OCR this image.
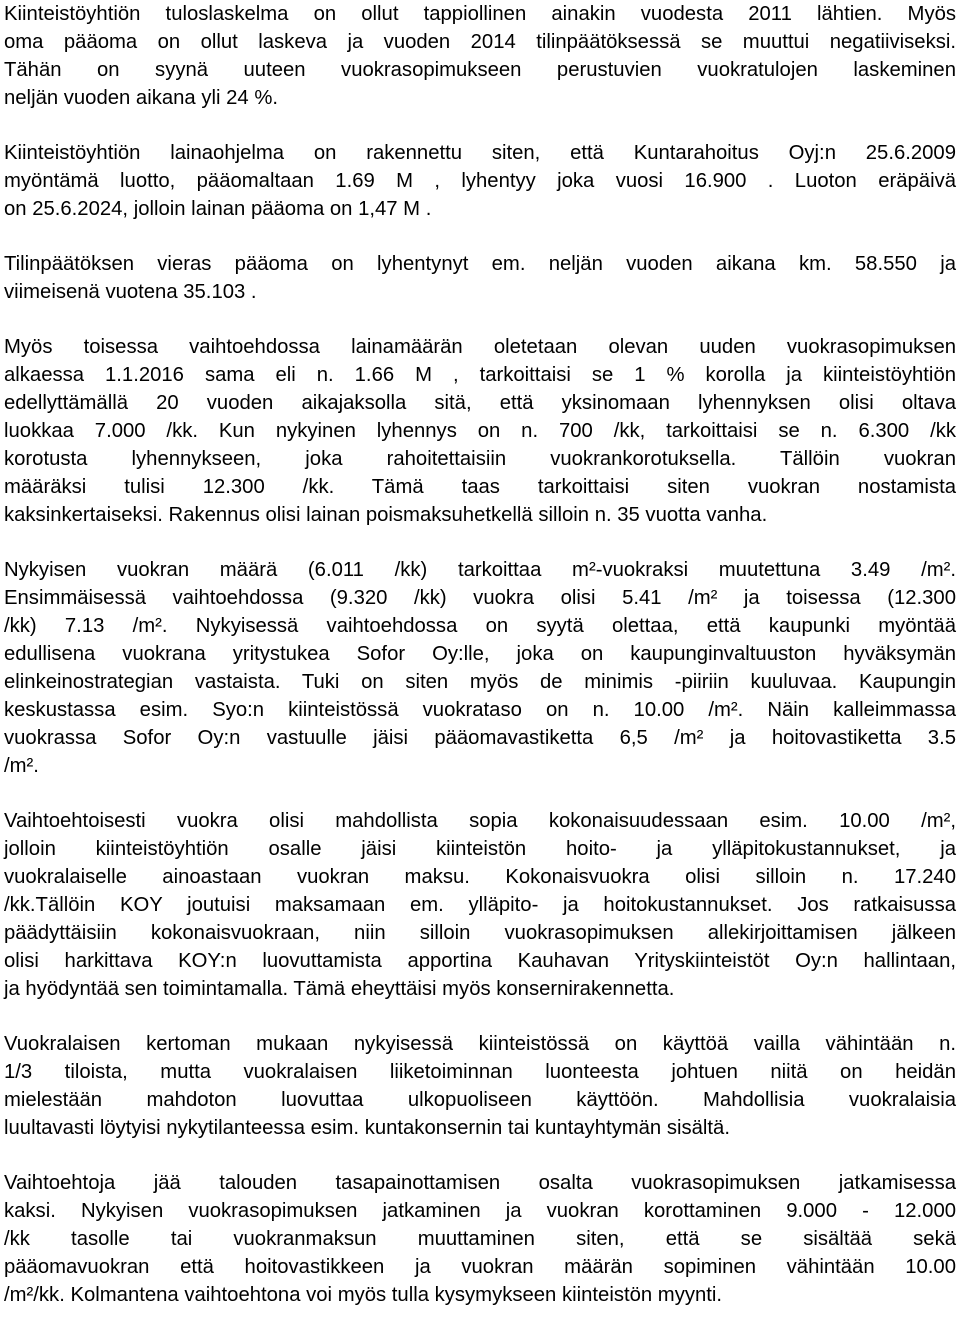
Kiinteistöyhtiön tuloslaskelma on ollut tappiollinen ainakin vuodesta 2011 lähtien. Myös
oma pääoma on ollut laskeva ja vuoden 2014 tilinpäätöksessä se muuttui negatiiviseksi.
Tähän on syynä uuteen vuokrasopimukseen perustuvien vuokratulojen laskeminen
neljän vuoden aikana yli 24 %.

Kiinteistöyhtiön lainaohjelma on rakennettu siten, että Kuntarahoitus Oyj:n 25.6.2009
myöntämä luotto, pääomaltaan 1.69 M , lyhentyy joka vuosi 16.900 . Luoton eräpäivä
on 25.6.2024, jolloin lainan pääoma on 1,47 M .

Tilinpäätöksen vieras pääoma on lyhentynyt em. neljän vuoden aikana km. 58.550 ja
viimeisenä vuotena 35.103 .

Myös toisessa vaihtoehdossa lainamäärän oletetaan olevan uuden vuokrasopimuksen
alkaessa 1.1.2016 sama eli n. 1.66 M , tarkoittaisi se 1 % korolla ja kiinteistöyhtiön
edellyttämällä 20 vuoden aikajaksolla sitä, että yksinomaan lyhennyksen olisi oltava
luokkaa 7.000 /kk. Kun nykyinen lyhennys on n. 700 /kk, tarkoittaisi se n. 6.300 /kk
korotusta lyhennykseen, joka rahoitettaisiin vuokrankorotuksella. Tällöin vuokran
määräksi tulisi 12.300 /kk. Tämä taas tarkoittaisi siten vuokran nostamista
kaksinkertaiseksi. Rakennus olisi lainan poismaksuhetkellä silloin n. 35 vuotta vanha.

Nykyisen vuokran määrä (6.011 /kk) tarkoittaa m²-vuokraksi muutettuna 3.49 /m².
Ensimmäisessä vaihtoehdossa (9.320 /kk) vuokra olisi 5.41 /m² ja toisessa (12.300
/kk) 7.13 /m². Nykyisessä vaihtoehdossa on syytä olettaa, että kaupunki myöntää
edullisena vuokrana yritystukea Sofor Oy:lle, joka on kaupunginvaltuuston hyväksymän
elinkeinostrategian vastaista. Tuki on siten myös de minimis -piiriin kuuluvaa. Kaupungin
keskustassa esim. Syo:n kiinteistössä vuokrataso on n. 10.00 /m². Näin kalleimmassa
vuokrassa Sofor Oy:n vastuulle jäisi pääomavastiketta 6,5 /m² ja hoitovastiketta 3.5
/m².

Vaihtoehtoisesti vuokra olisi mahdollista sopia kokonaisuudessaan esim. 10.00 /m²,
jolloin kiinteistöyhtiön osalle jäisi kiinteistön hoito- ja ylläpitokustannukset, ja
vuokralaiselle ainoastaan vuokran maksu. Kokonaisvuokra olisi silloin n. 17.240
/kk.Tällöin KOY joutuisi maksamaan em. ylläpito- ja hoitokustannukset. Jos ratkaisussa
päädyttäisiin kokonaisvuokraan, niin silloin vuokrasopimuksen allekirjoittamisen jälkeen
olisi harkittava KOY:n luovuttamista apportina Kauhavan Yrityskiinteistöt Oy:n hallintaan,
ja hyödyntää sen toimintamalla. Tämä eheyttäisi myös konsernirakennetta.

Vuokralaisen kertoman mukaan nykyisessä kiinteistössä on käyttöä vailla vähintään n.
1/3 tiloista, mutta vuokralaisen liiketoiminnan luonteesta johtuen niitä on heidän
mielestään mahdoton luovuttaa ulkopuoliseen käyttöön. Mahdollisia vuokralaisia
luultavasti löytyisi nykytilanteessa esim. kuntakonsernin tai kuntayhtymän sisältä.

Vaihtoehtoja jää talouden tasapainottamisen osalta vuokrasopimuksen jatkamisessa
kaksi. Nykyisen vuokrasopimuksen jatkaminen ja vuokran korottaminen 9.000 - 12.000
/kk tasolle tai vuokranmaksun muuttaminen siten, että se sisältää sekä
pääomavuokran että hoitovastikkeen ja vuokran määrän sopiminen vähintään 10.00
/m²/kk. Kolmantena vaihtoehtona voi myös tulla kysymykseen kiinteistön myynti.
